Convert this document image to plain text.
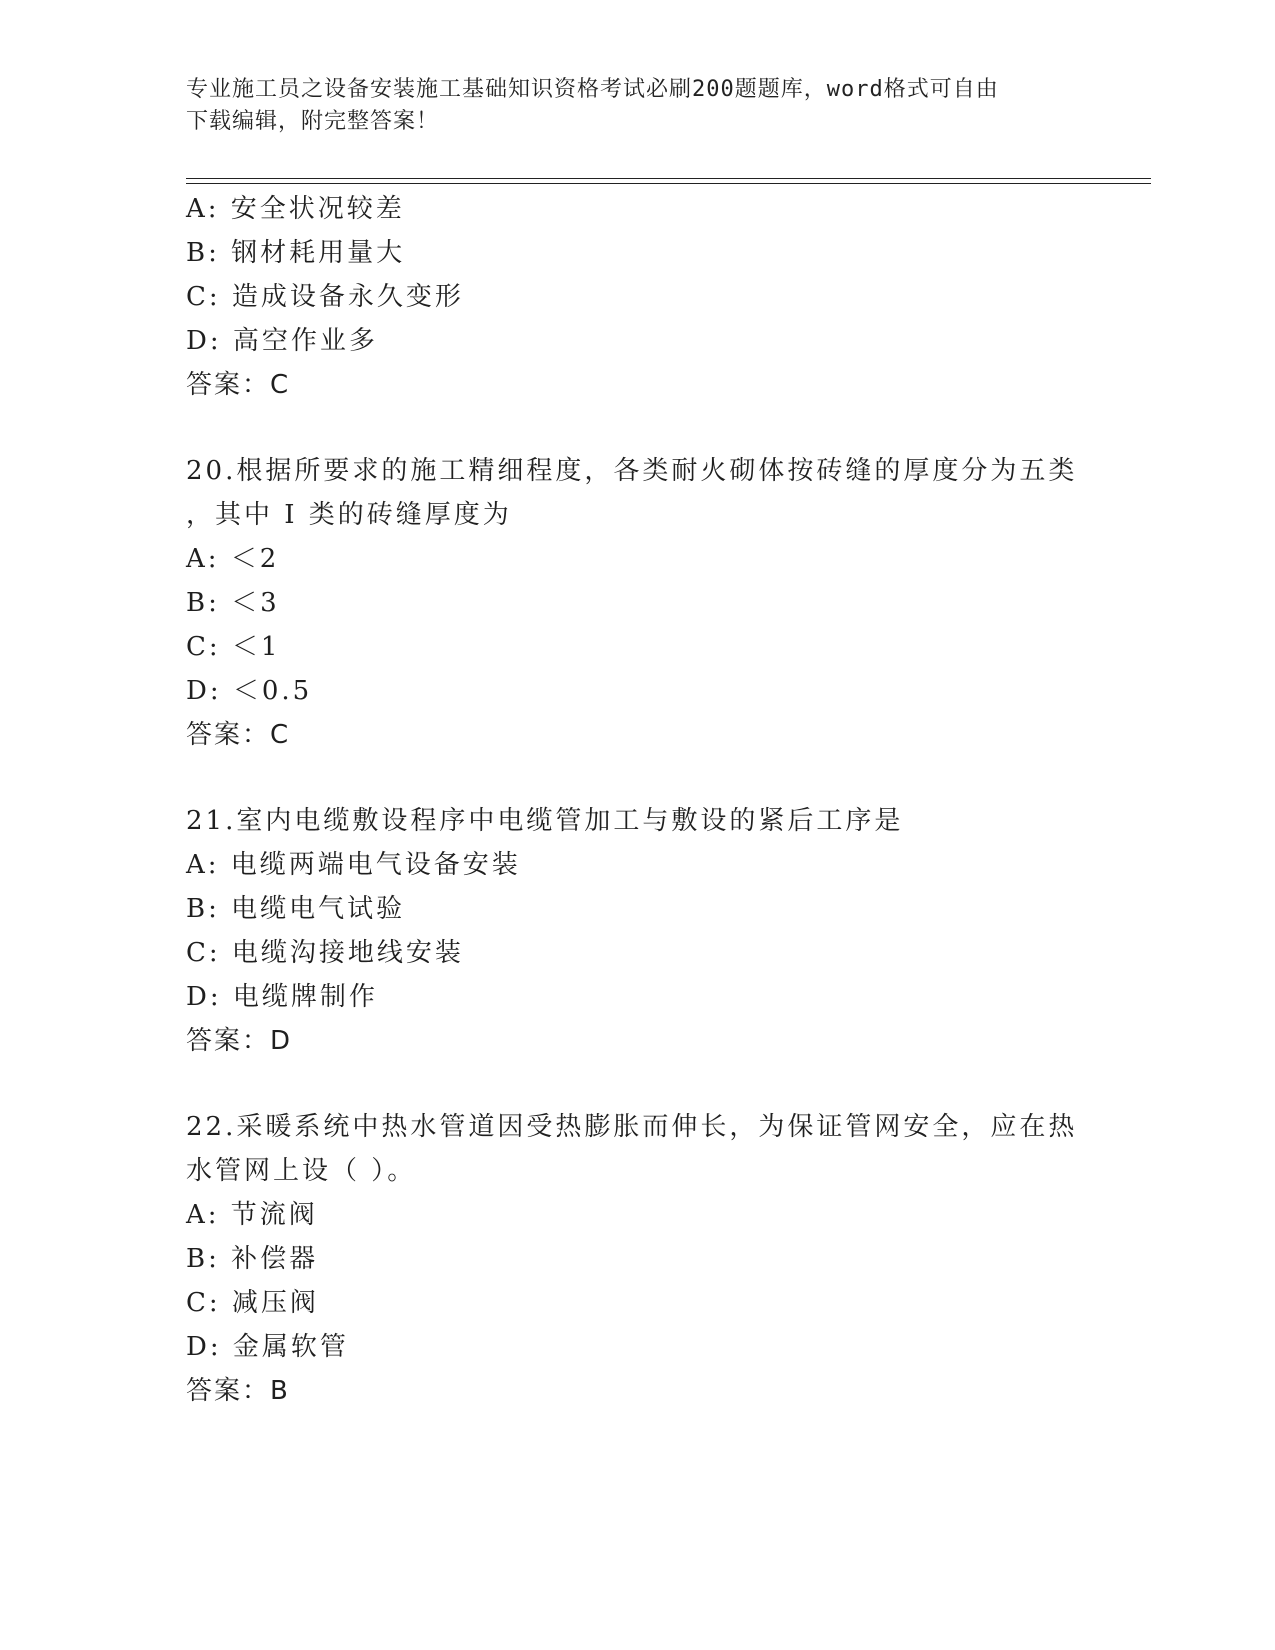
专业施工员之设备安装施工基础知识资格考试必刷200题题库，word格式可自由
下载编辑，附完整答案！
A: 安全状况较差
B: 钢材耗用量大
C: 造成设备永久变形
D: 高空作业多
答案：C
20.根据所要求的施工精细程度，各类耐火砌体按砖缝的厚度分为五类
，其中 I 类的砖缝厚度为
A: ＜2
B: ＜3
C: ＜1
D: ＜0.5
答案：C
21.室内电缆敷设程序中电缆管加工与敷设的紧后工序是
A: 电缆两端电气设备安装
B: 电缆电气试验
C: 电缆沟接地线安装
D: 电缆牌制作
答案：D
22.采暖系统中热水管道因受热膨胀而伸长，为保证管网安全，应在热
水管网上设（ ）。
A: 节流阀
B: 补偿器
C: 减压阀
D: 金属软管
答案：B
